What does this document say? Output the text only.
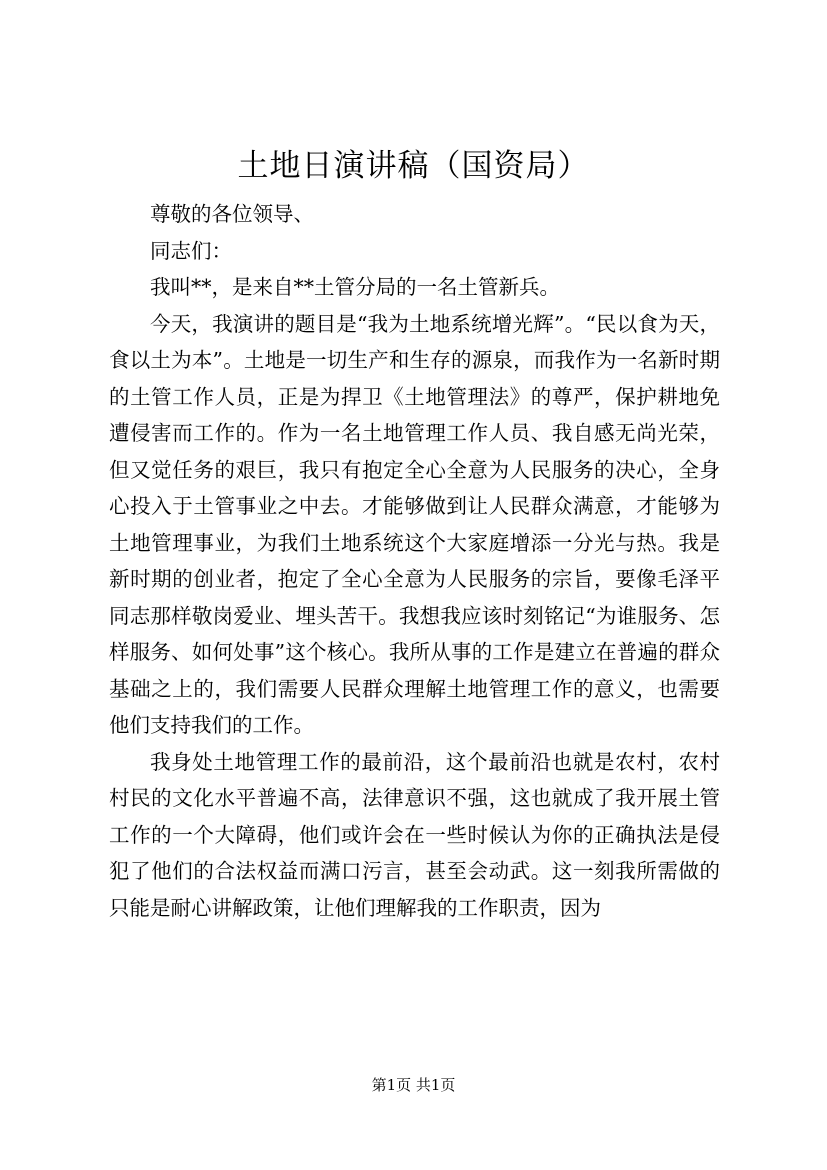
土地日演讲稿（国资局）

尊敬的各位领导、

同志们：

我叫**，是来自**土管分局的一名土管新兵。

今天，我演讲的题目是“我为土地系统增光辉”。“民以食为天，食以土为本”。土地是一切生产和生存的源泉，而我作为一名新时期的土管工作人员，正是为捍卫《土地管理法》的尊严，保护耕地免遭侵害而工作的。作为一名土地管理工作人员、我自感无尚光荣，但又觉任务的艰巨，我只有抱定全心全意为人民服务的决心，全身心投入于土管事业之中去。才能够做到让人民群众满意，才能够为土地管理事业，为我们土地系统这个大家庭增添一分光与热。我是新时期的创业者，抱定了全心全意为人民服务的宗旨，要像毛泽平同志那样敬岗爱业、埋头苦干。我想我应该时刻铭记“为谁服务、怎样服务、如何处事”这个核心。我所从事的工作是建立在普遍的群众基础之上的，我们需要人民群众理解土地管理工作的意义，也需要他们支持我们的工作。

我身处土地管理工作的最前沿，这个最前沿也就是农村，农村村民的文化水平普遍不高，法律意识不强，这也就成了我开展土管工作的一个大障碍，他们或许会在一些时候认为你的正确执法是侵犯了他们的合法权益而满口污言，甚至会动武。这一刻我所需做的只能是耐心讲解政策，让他们理解我的工作职责，因为

第1页 共1页
